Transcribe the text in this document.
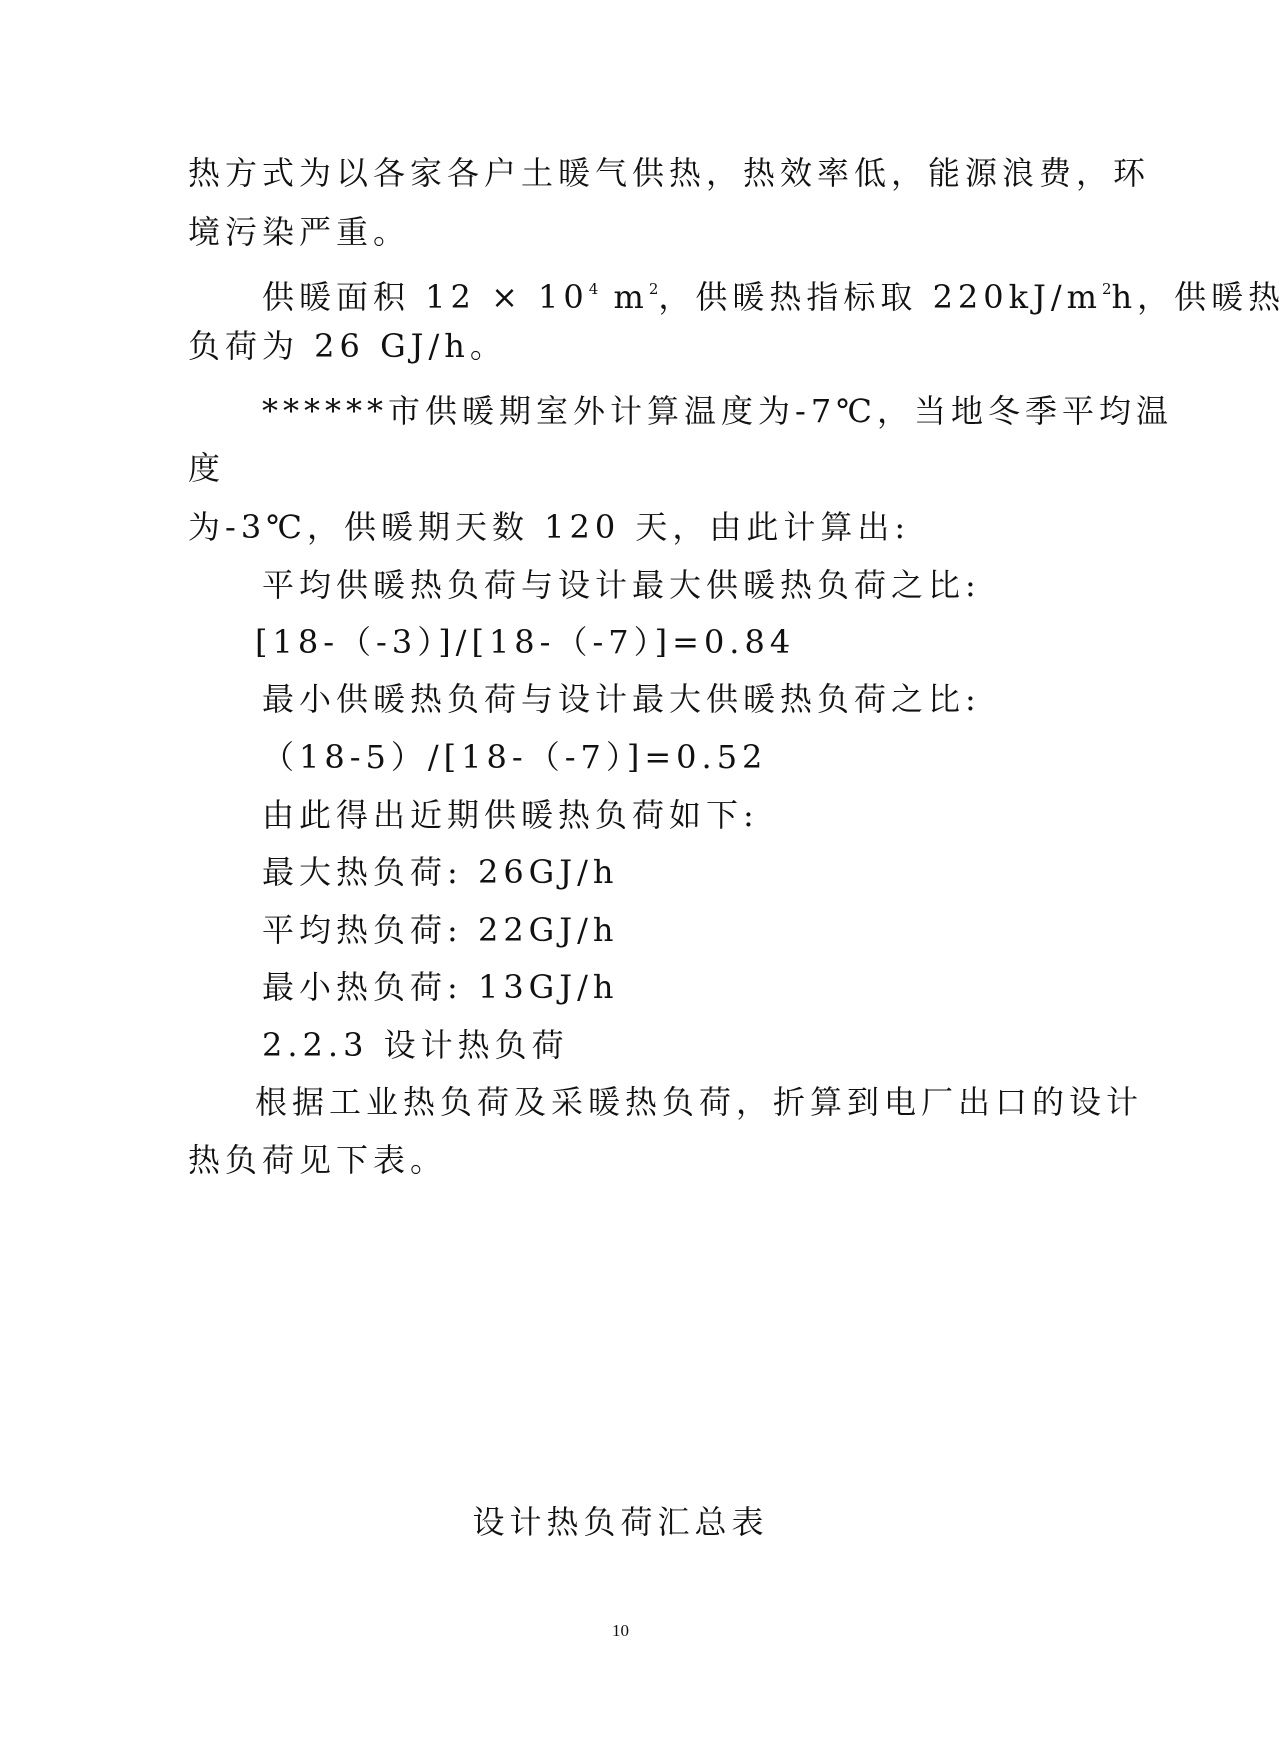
热方式为以各家各户土暖气供热，热效率低，能源浪费，环
境污染严重。
供暖面积 $12 \times 10^4$ $m^2$，供暖热指标取 $220kJ/m^2h$，供暖热
负荷为 26 GJ/h。
******市供暖期室外计算温度为-7℃，当地冬季平均温
度
为-3℃，供暖期天数 120 天，由此计算出:
平均供暖热负荷与设计最大供暖热负荷之比:
[18-（-3）]/[18-（-7）]=0.84
最小供暖热负荷与设计最大供暖热负荷之比:
（18-5）/[18-（-7）]=0.52
由此得出近期供暖热负荷如下:
最大热负荷: 26GJ/h
平均热负荷: 22GJ/h
最小热负荷: 13GJ/h
2.2.3 设计热负荷
根据工业热负荷及采暖热负荷，折算到电厂出口的设计
热负荷见下表。
设计热负荷汇总表
10
